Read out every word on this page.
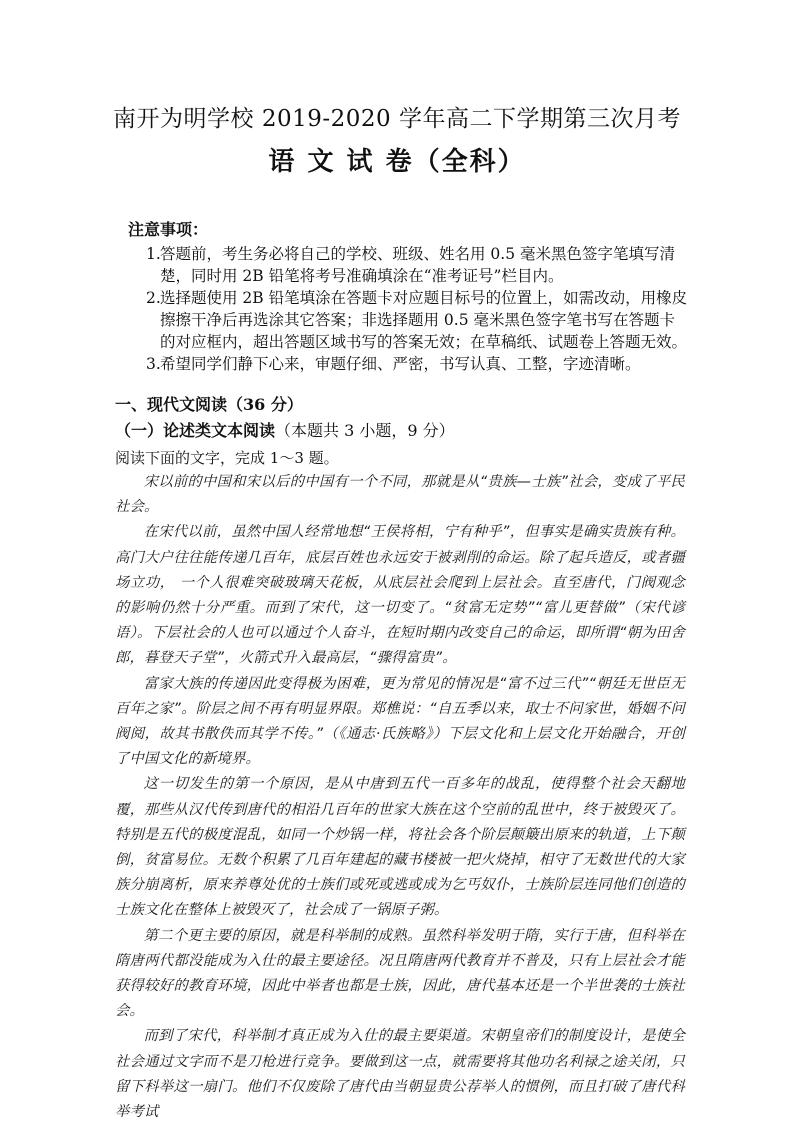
南开为明学校 2019-2020 学年高二下学期第三次月考
语 文 试 卷（全科）
注意事项：
1. 答题前，考生务必将自己的学校、班级、姓名用 0.5 毫米黑色签字笔填写清楚，同时用 2B 铅笔将考号准确填涂在“准考证号”栏目内。
2. 选择题使用 2B 铅笔填涂在答题卡对应题目标号的位置上，如需改动，用橡皮擦擦干净后再选涂其它答案；非选择题用 0.5 毫米黑色签字笔书写在答题卡的对应框内，超出答题区域书写的答案无效；在草稿纸、试题卷上答题无效。
3. 希望同学们静下心来，审题仔细、严密，书写认真、工整，字迹清晰。
一、现代文阅读（36 分）
（一）论述类文本阅读（本题共 3 小题，9 分）
阅读下面的文字，完成 1～3 题。

宋以前的中国和宋以后的中国有一个不同，那就是从“贵族—士族”社会，变成了平民社会。

在宋代以前，虽然中国人经常地想“王侯将相，宁有种乎”，但事实是确实贵族有种。高门大户往往能传递几百年，底层百姓也永远安于被剥削的命运。除了起兵造反，或者疆场立功， 一个人很难突破玻璃天花板，从底层社会爬到上层社会。直至唐代，门阀观念的影响仍然十分严重。而到了宋代，这一切变了。“贫富无定势”“富儿更替做”（宋代谚语）。下层社会的人也可以通过个人奋斗，在短时期内改变自己的命运，即所谓“朝为田舍郎，暮登天子堂”，火箭式升入最高层，“骤得富贵”。

富家大族的传递因此变得极为困难，更为常见的情况是“富不过三代”“朝廷无世臣无百年之家”。阶层之间不再有明显界限。郑樵说：“自五季以来，取士不问家世，婚姻不问阀阅，故其书散佚而其学不传。”（《通志·氏族略》）下层文化和上层文化开始融合，开创了中国文化的新境界。

这一切发生的第一个原因，是从中唐到五代一百多年的战乱，使得整个社会天翻地覆，那些从汉代传到唐代的相沿几百年的世家大族在这个空前的乱世中，终于被毁灭了。特别是五代的极度混乱，如同一个炒锅一样，将社会各个阶层颠簸出原来的轨道，上下颠倒，贫富易位。无数个积累了几百年建起的藏书楼被一把火烧掉，相守了无数世代的大家族分崩离析，原来养尊处优的士族们或死或逃或成为乞丐奴仆，士族阶层连同他们创造的士族文化在整体上被毁灭了，社会成了一锅原子粥。

第二个更主要的原因，就是科举制的成熟。虽然科举发明于隋，实行于唐，但科举在隋唐两代都没能成为入仕的最主要途径。况且隋唐两代教育并不普及，只有上层社会才能获得较好的教育环境，因此中举者也都是士族，因此，唐代基本还是一个半世袭的士族社会。

而到了宋代，科举制才真正成为入仕的最主要渠道。宋朝皇帝们的制度设计，是使全社会通过文字而不是刀枪进行竞争。要做到这一点，就需要将其他功名利禄之途关闭，只留下科举这一扇门。他们不仅废除了唐代由当朝显贵公荐举人的惯例，而且打破了唐代科举考试
